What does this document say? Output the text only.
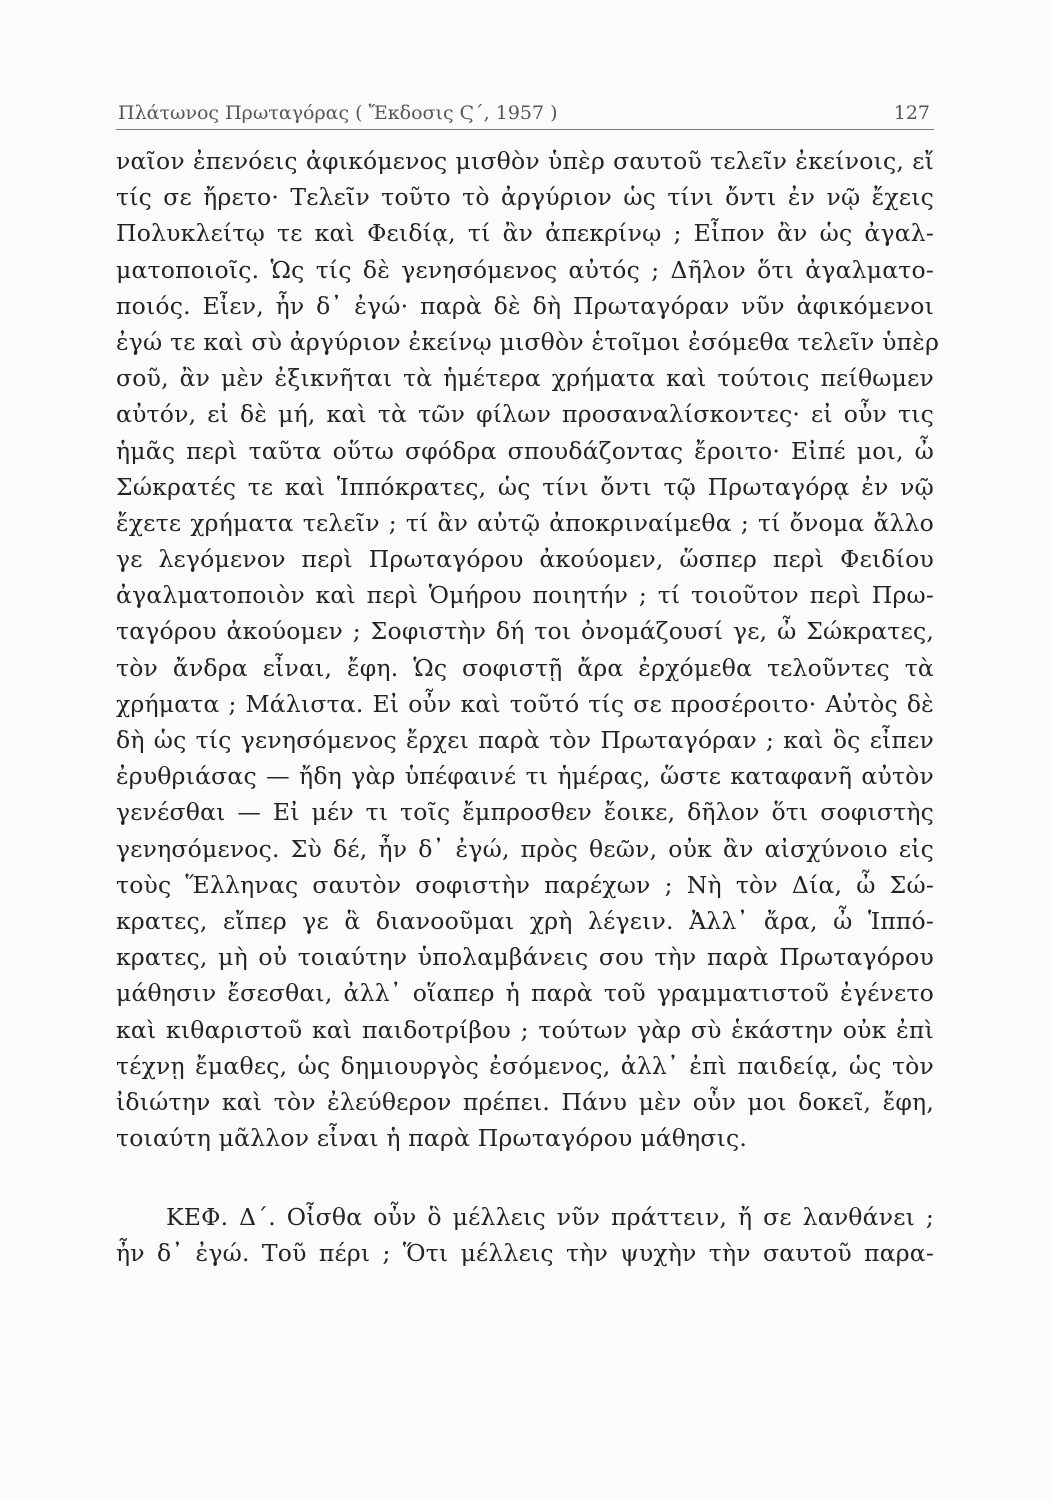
Πλάτωνος Πρωταγόρας ( Ἔκδοσις Ϛ΄, 1957 )	127
ναῖον ἐπενόεις ἀφικόμενος μισθὸν ὑπὲρ σαυτοῦ τελεῖν ἐκείνοις, εἴ
τίς σε ἤρετο· Τελεῖν τοῦτο τὸ ἀργύριον ὡς τίνι ὄντι ἐν νῷ ἔχεις
Πολυκλείτῳ τε καὶ Φειδίᾳ, τί ἂν ἀπεκρίνῳ ; Εἶπον ἂν ὡς ἀγαλ-
ματοποιοῖς. Ὡς τίς δὲ γενησόμενος αὐτός ; Δῆλον ὅτι ἀγαλματο-
ποιός. Εἶεν, ἦν δ᾿ ἐγώ· παρὰ δὲ δὴ Πρωταγόραν νῦν ἀφικόμενοι
ἐγώ τε καὶ σὺ ἀργύριον ἐκείνῳ μισθὸν ἑτοῖμοι ἐσόμεθα τελεῖν ὑπὲρ
σοῦ, ἂν μὲν ἐξικνῆται τὰ ἡμέτερα χρήματα καὶ τούτοις πείθωμεν
αὐτόν, εἰ δὲ μή, καὶ τὰ τῶν φίλων προσαναλίσκοντες· εἰ οὖν τις
ἡμᾶς περὶ ταῦτα οὕτω σφόδρα σπουδάζοντας ἔροιτο· Εἰπέ μοι, ὦ
Σώκρατές τε καὶ Ἱππόκρατες, ὡς τίνι ὄντι τῷ Πρωταγόρᾳ ἐν νῷ
ἔχετε χρήματα τελεῖν ; τί ἂν αὐτῷ ἀποκριναίμεθα ; τί ὄνομα ἄλλο
γε λεγόμενον περὶ Πρωταγόρου ἀκούομεν, ὥσπερ περὶ Φειδίου
ἀγαλματοποιὸν καὶ περὶ Ὁμήρου ποιητήν ; τί τοιοῦτον περὶ Πρω-
ταγόρου ἀκούομεν ; Σοφιστὴν δή τοι ὀνομάζουσί γε, ὦ Σώκρατες,
τὸν ἄνδρα εἶναι, ἔφη. Ὡς σοφιστῇ ἄρα ἐρχόμεθα τελοῦντες τὰ
χρήματα ; Μάλιστα. Εἰ οὖν καὶ τοῦτό τίς σε προσέροιτο· Αὐτὸς δὲ
δὴ ὡς τίς γενησόμενος ἔρχει παρὰ τὸν Πρωταγόραν ; καὶ ὃς εἶπεν
ἐρυθριάσας — ἤδη γὰρ ὑπέφαινέ τι ἡμέρας, ὥστε καταφανῆ αὐτὸν
γενέσθαι — Εἰ μέν τι τοῖς ἔμπροσθεν ἔοικε, δῆλον ὅτι σοφιστὴς
γενησόμενος. Σὺ δέ, ἦν δ᾿ ἐγώ, πρὸς θεῶν, οὐκ ἂν αἰσχύνοιο εἰς
τοὺς Ἕλληνας σαυτὸν σοφιστὴν παρέχων ; Νὴ τὸν Δία, ὦ Σώ-
κρατες, εἴπερ γε ἃ διανοοῦμαι χρὴ λέγειν. Ἀλλ᾿ ἄρα, ὦ Ἱππό-
κρατες, μὴ οὐ τοιαύτην ὑπολαμβάνεις σου τὴν παρὰ Πρωταγόρου
μάθησιν ἔσεσθαι, ἀλλ᾿ οἵαπερ ἡ παρὰ τοῦ γραμματιστοῦ ἐγένετο
καὶ κιθαριστοῦ καὶ παιδοτρίβου ; τούτων γὰρ σὺ ἑκάστην οὐκ ἐπὶ
τέχνῃ ἔμαθες, ὡς δημιουργὸς ἐσόμενος, ἀλλ᾿ ἐπὶ παιδείᾳ, ὡς τὸν
ἰδιώτην καὶ τὸν ἐλεύθερον πρέπει. Πάνυ μὲν οὖν μοι δοκεῖ, ἔφη,
τοιαύτη μᾶλλον εἶναι ἡ παρὰ Πρωταγόρου μάθησις.
ΚΕΦ. Δ΄. Οἶσθα οὖν ὃ μέλλεις νῦν πράττειν, ἤ σε λανθάνει ;
ἦν δ᾿ ἐγώ. Τοῦ πέρι ; Ὅτι μέλλεις τὴν ψυχὴν τὴν σαυτοῦ παρα-
